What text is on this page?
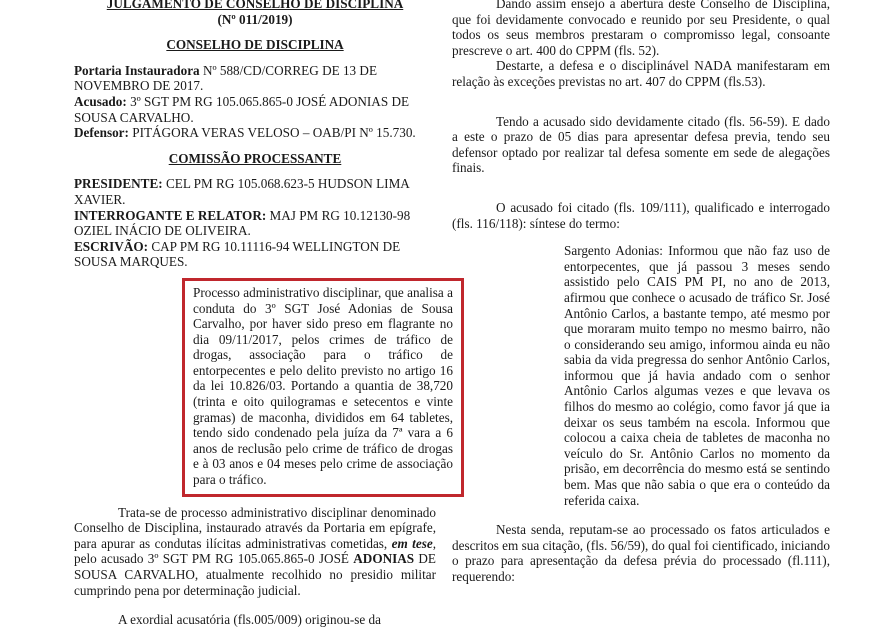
JULGAMENTO DE CONSELHO DE DISCIPLINA

(Nº 011/2019)

CONSELHO DE DISCIPLINA

Portaria Instauradora Nº 588/CD/CORREG DE 13 DE NOVEMBRO DE 2017.

Acusado: 3º SGT PM RG 105.065.865-0 JOSÉ ADONIAS DE SOUSA CARVALHO.

Defensor: PITÁGORA VERAS VELOSO – OAB/PI Nº 15.730.

COMISSÃO PROCESSANTE

PRESIDENTE: CEL PM RG 105.068.623-5 HUDSON LIMA XAVIER.

INTERROGANTE E RELATOR: MAJ PM RG 10.12130-98 OZIEL INÁCIO DE OLIVEIRA.

ESCRIVÃO: CAP PM RG 10.11116-94 WELLINGTON DE SOUSA MARQUES.

Processo administrativo disciplinar, que analisa a conduta do 3º SGT José Adonias de Sousa Carvalho, por haver sido preso em flagrante no dia 09/11/2017, pelos crimes de tráfico de drogas, associação para o tráfico de entorpecentes e pelo delito previsto no artigo 16 da lei 10.826/03. Portando a quantia de 38,720 (trinta e oito quilogramas e setecentos e vinte gramas) de maconha, divididos em 64 tabletes, tendo sido condenado pela juíza da 7ª vara a 6 anos de reclusão pelo crime de tráfico de drogas e à 03 anos e 04 meses pelo crime de associação para o tráfico.

Trata-se de processo administrativo disciplinar denominado Conselho de Disciplina, instaurado através da Portaria em epígrafe, para apurar as condutas ilícitas administrativas cometidas, em tese, pelo acusado 3º SGT PM RG 105.065.865-0 JOSÉ ADONIAS DE SOUSA CARVALHO, atualmente recolhido no presidio militar cumprindo pena por determinação judicial.

A exordial acusatória (fls.005/009) originou-se da

Dando assim ensejo a abertura deste Conselho de Disciplina, que foi devidamente convocado e reunido por seu Presidente, o qual todos os seus membros prestaram o compromisso legal, consoante prescreve o art. 400 do CPPM (fls. 52).

Destarte, a defesa e o disciplinável NADA manifestaram em relação às exceções previstas no art. 407 do CPPM (fls.53).

Tendo a acusado sido devidamente citado (fls. 56-59). E dado a este o prazo de 05 dias para apresentar defesa previa, tendo seu defensor optado por realizar tal defesa somente em sede de alegações finais.

O acusado foi citado (fls. 109/111), qualificado e interrogado (fls. 116/118): síntese do termo:

Sargento Adonias: Informou que não faz uso de entorpecentes, que já passou 3 meses sendo assistido pelo CAIS PM PI, no ano de 2013, afirmou que conhece o acusado de tráfico Sr. José Antônio Carlos, a bastante tempo, até mesmo por que moraram muito tempo no mesmo bairro, não o considerando seu amigo, informou ainda eu não sabia da vida pregressa do senhor Antônio Carlos, informou que já havia andado com o senhor Antônio Carlos algumas vezes e que levava os filhos do mesmo ao colégio, como favor já que ia deixar os seus também na escola. Informou que colocou a caixa cheia de tabletes de maconha no veículo do Sr. Antônio Carlos no momento da prisão, em decorrência do mesmo está se sentindo bem. Mas que não sabia o que era o conteúdo da referida caixa.

Nesta senda, reputam-se ao processado os fatos articulados e descritos em sua citação, (fls. 56/59), do qual foi cientificado, iniciando o prazo para apresentação da defesa prévia do processado (fl.111), requerendo:
